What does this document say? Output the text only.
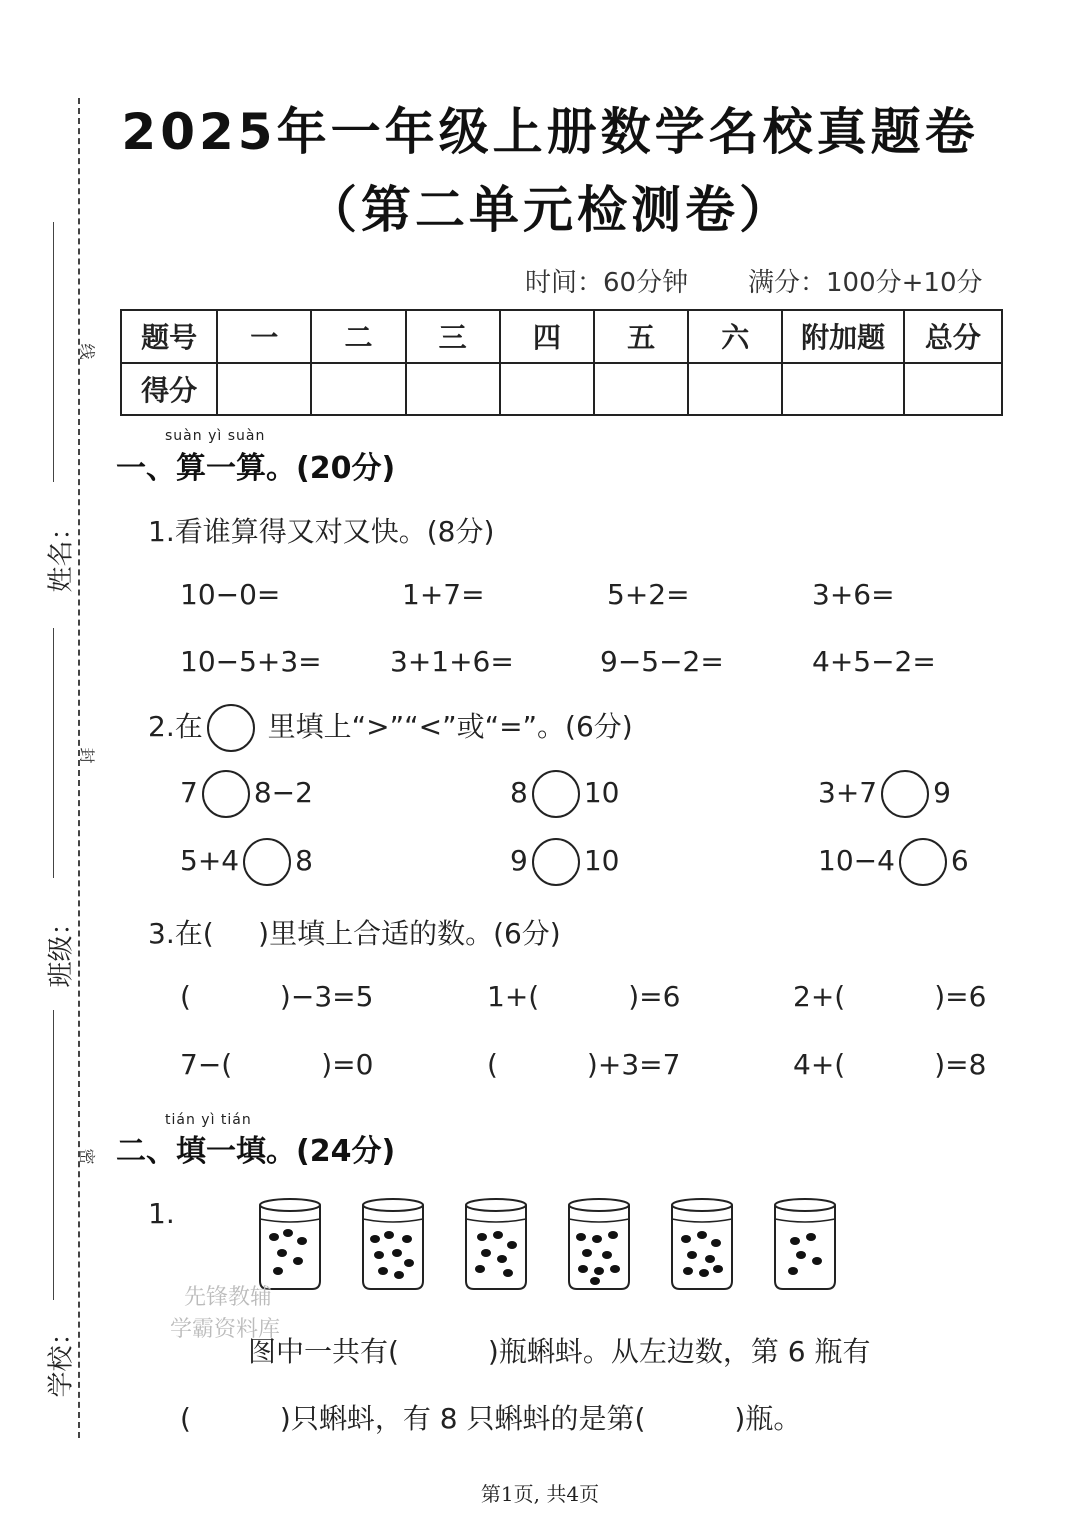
姓名：
班级：
学校：
线
封
密
2025年一年级上册数学名校真题卷
（第二单元检测卷）
时间：60分钟 满分：100分+10分
题号	一	二	三	四	五	六	附加题	总分
得分								
suàn yì suàn
一、算一算。(20分)
1.看谁算得又对又快。(8分)
10−0=	1+7=	5+2=	3+6=
10−5+3= 3+1+6=	9−5−2=	4+5−2=
2.在 里填上“>”“<”或“=”。(6分)
7 8−2	8 10	3+7 9
5+4 8	9 10	10−4 6
3.在(     )里填上合适的数。(6分)
(          )−3=5	1+(          )=6	2+(          )=6
7−(          )=0	(          )+3=7	4+(          )=8
tián yì tián
二、填一填。(24分)
1.
先锋教辅
学霸资料库
图中一共有(          )瓶蝌蚪。从左边数，第 6 瓶有
(          )只蝌蚪，有 8 只蝌蚪的是第(          )瓶。
第1页, 共4页
